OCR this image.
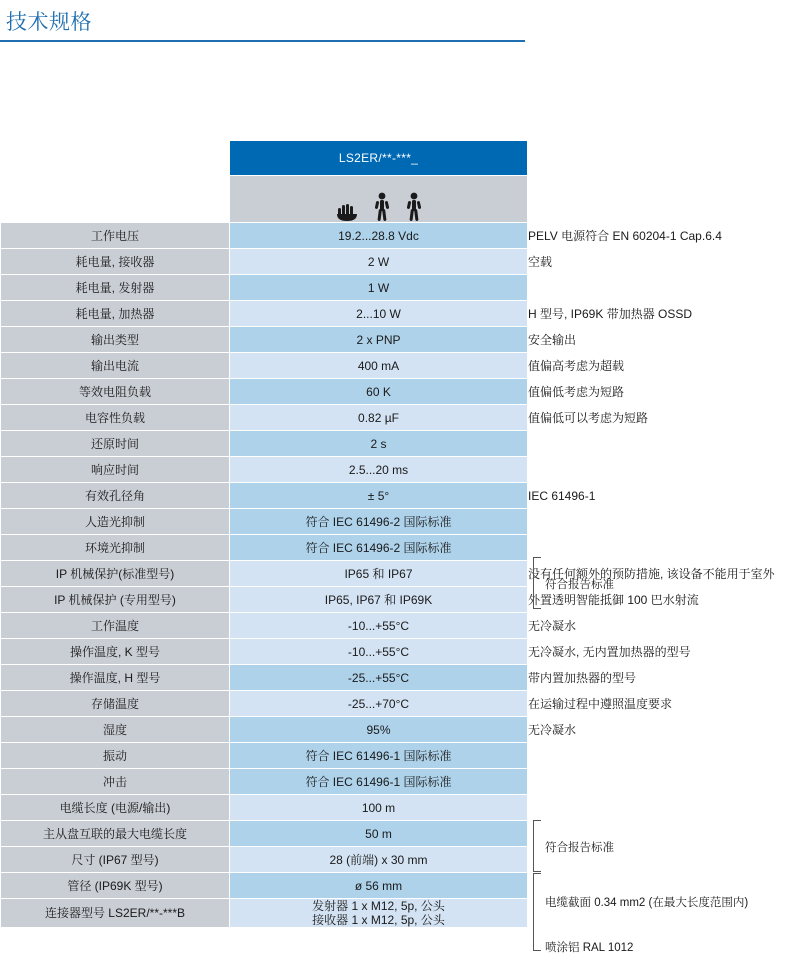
技术规格
	LS2ER/**-***_	

工作电压	19.2...28.8 Vdc	PELV 电源符合 EN 60204-1 Cap.6.4
耗电量, 接收器	2 W	空载
耗电量, 发射器	1 W	
耗电量, 加热器	2...10 W	H 型号, IP69K 带加热器 OSSD
输出类型	2 x PNP	安全输出
输出电流	400 mA	值偏高考虑为超载
等效电阻负载	60 K	值偏低考虑为短路
电容性负载	0.82 µF	值偏低可以考虑为短路
还原时间	2 s	
响应时间	2.5...20 ms	
有效孔径角	± 5°	IEC 61496-1
人造光抑制	符合 IEC 61496-2 国际标准	
环境光抑制	符合 IEC 61496-2 国际标准	
IP 机械保护(标准型号)	IP65 和 IP67	没有任何额外的预防措施, 该设备不能用于室外
IP 机械保护 (专用型号)	IP65, IP67 和 IP69K	外置透明智能抵御 100 巴水射流
工作温度	-10...+55°C	无冷凝水
操作温度, K 型号	-10...+55°C	无冷凝水, 无内置加热器的型号
操作温度, H 型号	-25...+55°C	带内置加热器的型号
存储温度	-25...+70°C	在运输过程中遵照温度要求
湿度	95%	无冷凝水
振动	符合 IEC 61496-1 国际标准	
冲击	符合 IEC 61496-1 国际标准	
电缆长度 (电源/输出)	100 m	
主从盘互联的最大电缆长度	50 m	
尺寸 (IP67 型号)	28 (前端) x 30 mm	
管径 (IP69K 型号)	ø 56 mm	

连接器型号 LS2ER/**-***B	发射器 1 x M12, 5p, 公头
接收器 1 x M12, 5p, 公头	

符合报告标准
符合报告标准
电缆截面 0.34 mm2 (在最大长度范围内)
喷涂铝 RAL 1012
